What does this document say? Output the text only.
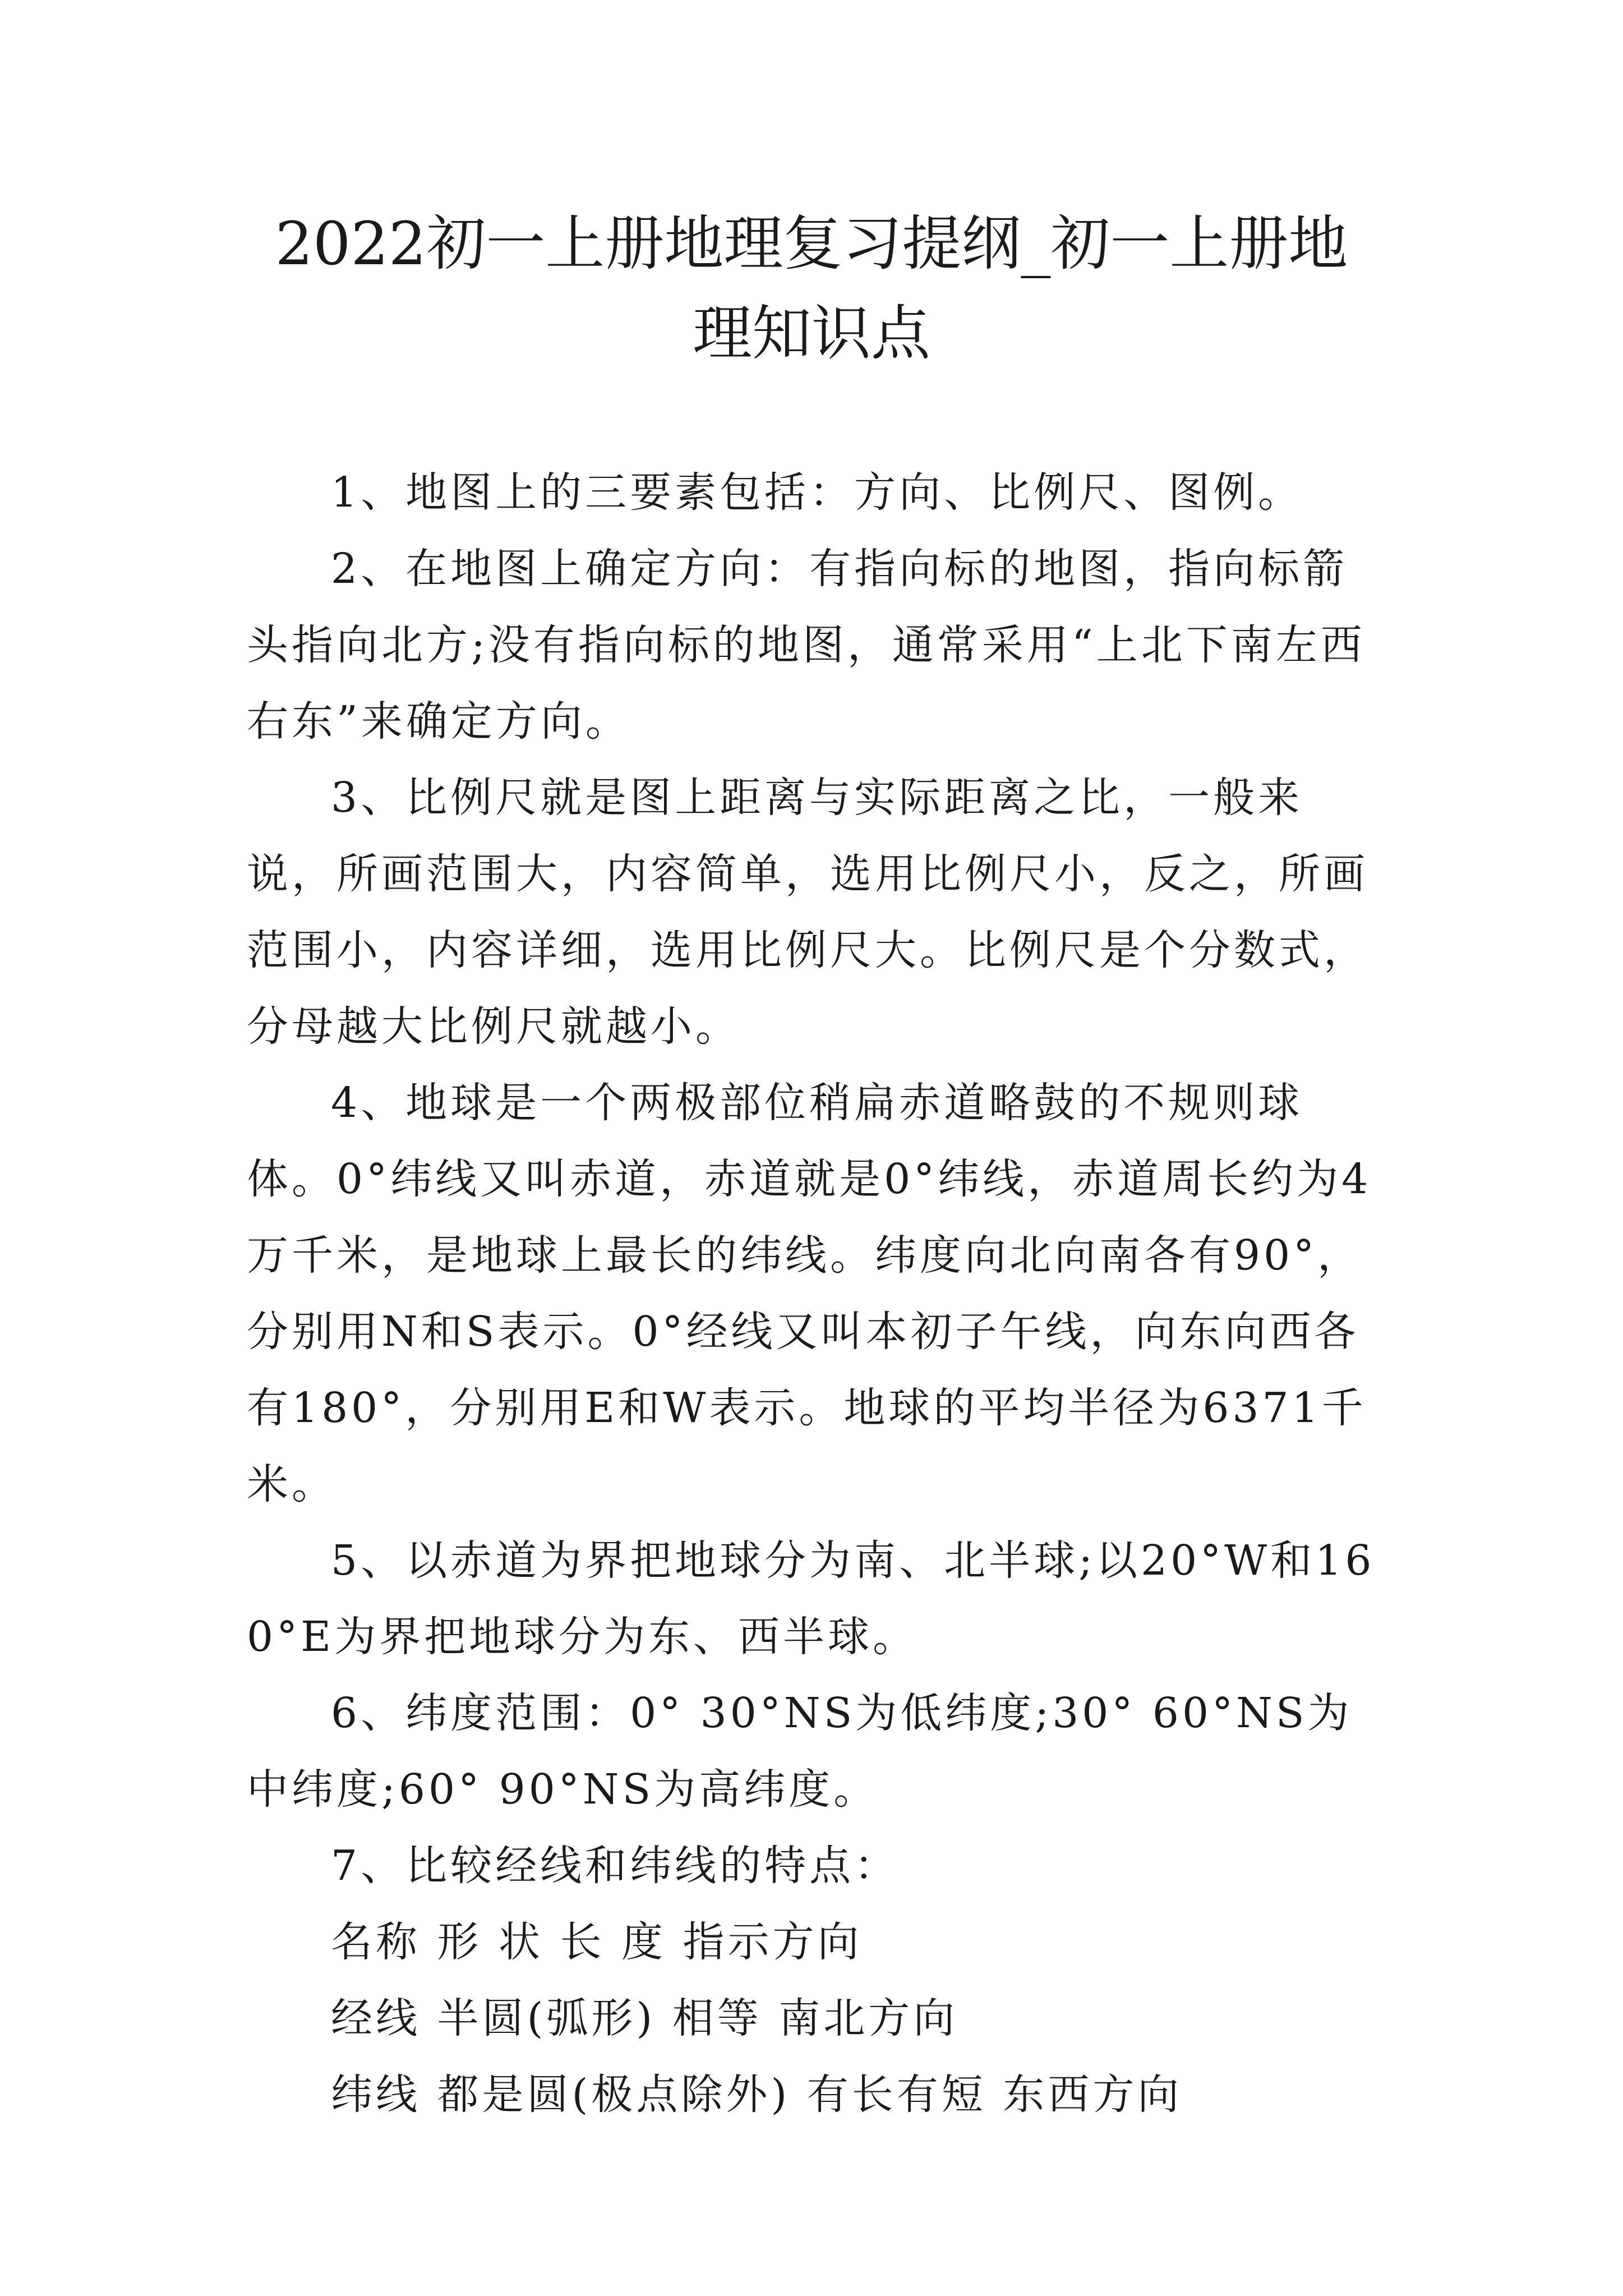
2022初一上册地理复习提纲_初一上册地理知识点

1、地图上的三要素包括：方向、比例尺、图例。

2、在地图上确定方向：有指向标的地图，指向标箭头指向北方;没有指向标的地图，通常采用“上北下南左西右东”来确定方向。

3、比例尺就是图上距离与实际距离之比，一般来说，所画范围大，内容简单，选用比例尺小，反之，所画范围小，内容详细，选用比例尺大。比例尺是个分数式，分母越大比例尺就越小。

4、地球是一个两极部位稍扁赤道略鼓的不规则球体。0°纬线又叫赤道，赤道就是0°纬线，赤道周长约为4万千米，是地球上最长的纬线。纬度向北向南各有90°，分别用N和S表示。0°经线又叫本初子午线，向东向西各有180°，分别用E和W表示。地球的平均半径为6371千米。

5、以赤道为界把地球分为南、北半球;以20°W和160°E为界把地球分为东、西半球。

6、纬度范围：0° 30°NS为低纬度;30° 60°NS为中纬度;60° 90°NS为高纬度。

7、比较经线和纬线的特点：

名称 形 状 长 度 指示方向

经线 半圆(弧形) 相等 南北方向

纬线 都是圆(极点除外) 有长有短 东西方向
